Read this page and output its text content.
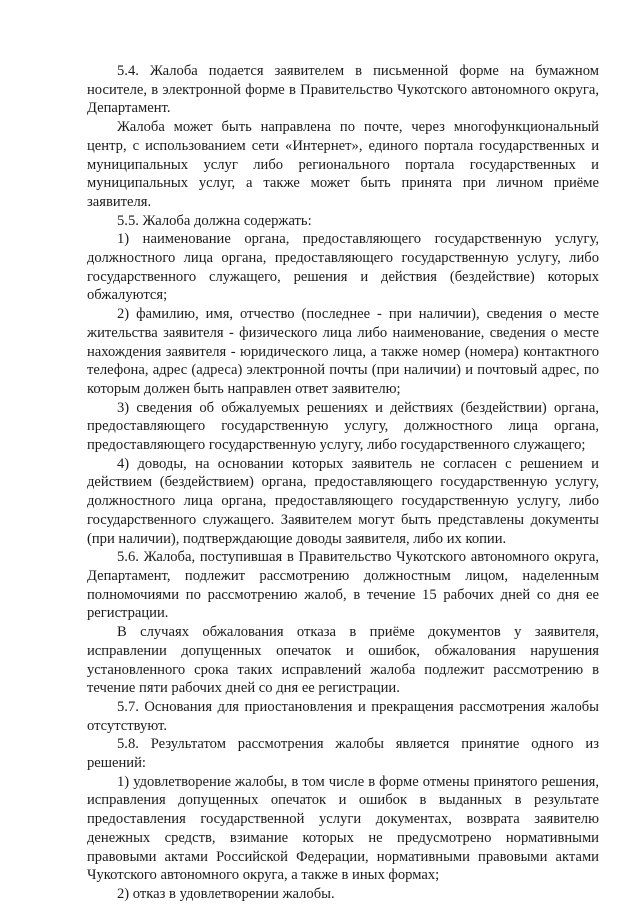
5.4. Жалоба подается заявителем в письменной форме на бумажном носителе, в электронной форме в Правительство Чукотского автономного округа, Департамент.

Жалоба может быть направлена по почте, через многофункциональный центр, с использованием сети «Интернет», единого портала государственных и муниципальных услуг либо регионального портала государственных и муниципальных услуг, а также может быть принята при личном приёме заявителя.

5.5. Жалоба должна содержать:

1) наименование органа, предоставляющего государственную услугу, должностного лица органа, предоставляющего государственную услугу, либо государственного служащего, решения и действия (бездействие) которых обжалуются;

2) фамилию, имя, отчество (последнее - при наличии), сведения о месте жительства заявителя - физического лица либо наименование, сведения о месте нахождения заявителя - юридического лица, а также номер (номера) контактного телефона, адрес (адреса) электронной почты (при наличии) и почтовый адрес, по которым должен быть направлен ответ заявителю;

3) сведения об обжалуемых решениях и действиях (бездействии) органа, предоставляющего государственную услугу, должностного лица органа, предоставляющего государственную услугу, либо государственного служащего;

4) доводы, на основании которых заявитель не согласен с решением и действием (бездействием) органа, предоставляющего государственную услугу, должностного лица органа, предоставляющего государственную услугу, либо государственного служащего. Заявителем могут быть представлены документы (при наличии), подтверждающие доводы заявителя, либо их копии.

5.6. Жалоба, поступившая в Правительство Чукотского автономного округа, Департамент, подлежит рассмотрению должностным лицом, наделенным полномочиями по рассмотрению жалоб, в течение 15 рабочих дней со дня ее регистрации.

В случаях обжалования отказа в приёме документов у заявителя, исправлении допущенных опечаток и ошибок, обжалования нарушения установленного срока таких исправлений жалоба подлежит рассмотрению в течение пяти рабочих дней со дня ее регистрации.

5.7. Основания для приостановления и прекращения рассмотрения жалобы отсутствуют.

5.8. Результатом рассмотрения жалобы является принятие одного из решений:

1) удовлетворение жалобы, в том числе в форме отмены принятого решения, исправления допущенных опечаток и ошибок в выданных в результате предоставления государственной услуги документах, возврата заявителю денежных средств, взимание которых не предусмотрено нормативными правовыми актами Российской Федерации, нормативными правовыми актами Чукотского автономного округа, а также в иных формах;

2) отказ в удовлетворении жалобы.
